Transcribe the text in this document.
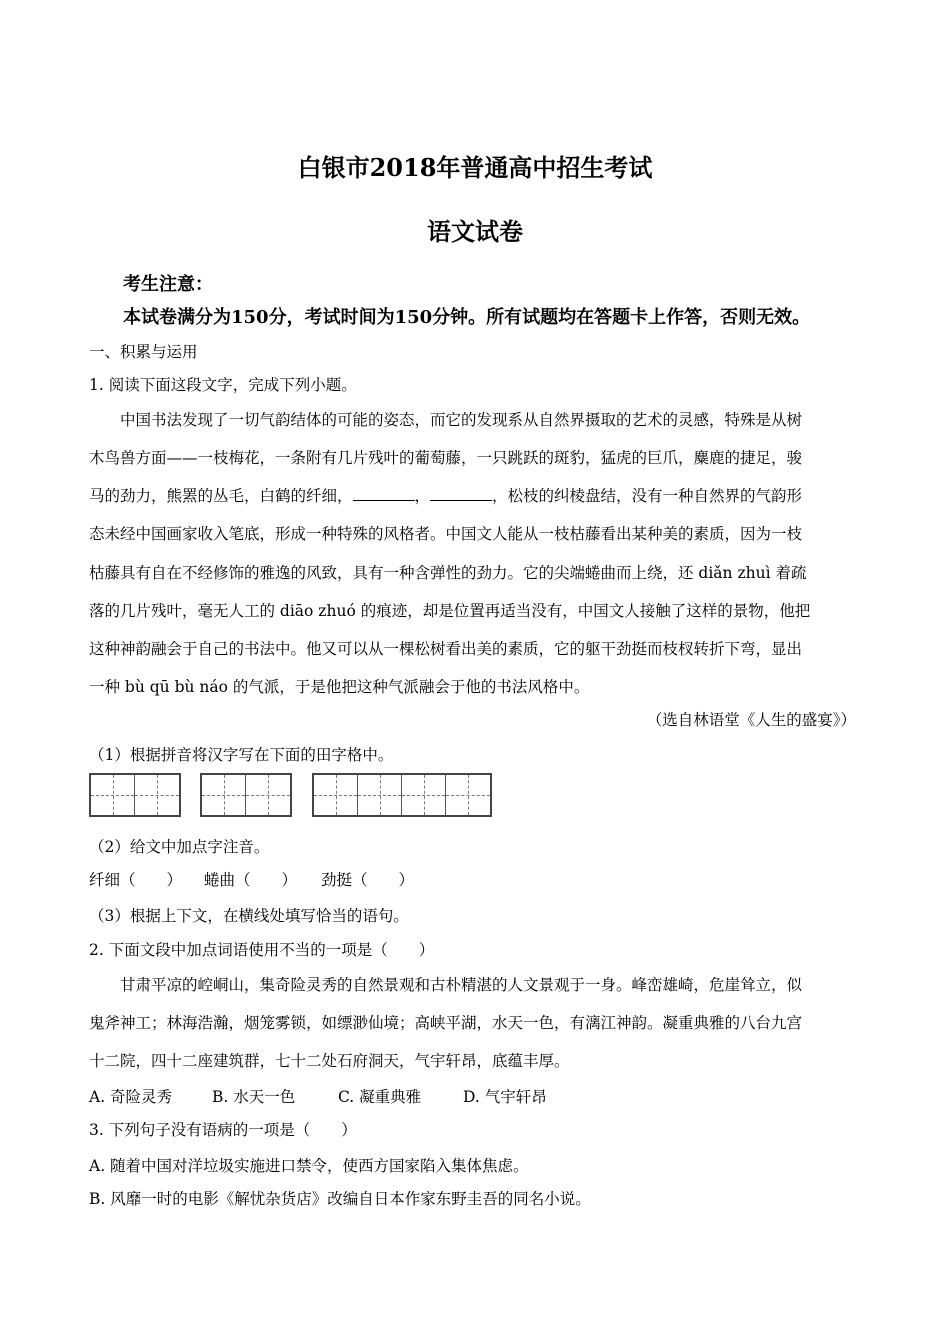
白银市2018年普通高中招生考试
语文试卷
考生注意：
本试卷满分为150分，考试时间为150分钟。所有试题均在答题卡上作答，否则无效。
一、积累与运用
1. 阅读下面这段文字，完成下列小题。
中国书法发现了一切气韵结体的可能的姿态，而它的发现系从自然界摄取的艺术的灵感，特殊是从树
木鸟兽方面——一枝梅花，一条附有几片残叶的葡萄藤，一只跳跃的斑豹，猛虎的巨爪，麋鹿的捷足，骏
马的劲力，熊罴的丛毛，白鹤的纤细，	，	，松枝的纠棱盘结，没有一种自然界的气韵形
态未经中国画家收入笔底，形成一种特殊的风格者。中国文人能从一枝枯藤看出某种美的素质，因为一枝
枯藤具有自在不经修饰的雅逸的风致，具有一种含弹性的劲力。它的尖端蜷曲而上绕，还 diǎn zhuì 着疏
落的几片残叶，毫无人工的 diāo zhuó 的痕迹，却是位置再适当没有，中国文人接触了这样的景物，他把
这种神韵融会于自己的书法中。他又可以从一棵松树看出美的素质，它的躯干劲挺而枝杈转折下弯，显出
一种 bù qū bù náo 的气派，于是他把这种气派融会于他的书法风格中。
（选自林语堂《人生的盛宴》）
（1）根据拼音将汉字写在下面的田字格中。
（2）给文中加点字注音。
纤细（　　） 蜷曲（　　） 劲挺（　　）
（3）根据上下文，在横线处填写恰当的语句。
2. 下面文段中加点词语使用不当的一项是（　　）
甘肃平凉的崆峒山，集奇险灵秀的自然景观和古朴精湛的人文景观于一身。峰峦雄崎，危崖耸立，似
鬼斧神工；林海浩瀚，烟笼雾锁，如缥渺仙境；高峡平湖，水天一色，有漓江神韵。凝重典雅的八台九宫
十二院，四十二座建筑群，七十二处石府洞天，气宇轩昂，底蕴丰厚。
A. 奇险灵秀	B. 水天一色	C. 凝重典雅	D. 气宇轩昂
3. 下列句子没有语病的一项是（　　）
A. 随着中国对洋垃圾实施进口禁令，使西方国家陷入集体焦虑。
B. 风靡一时的电影《解忧杂货店》改编自日本作家东野圭吾的同名小说。
